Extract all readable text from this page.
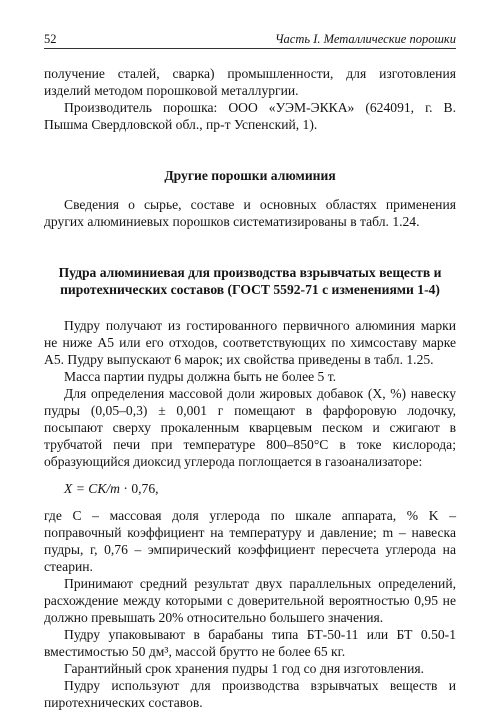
52	Часть I. Металлические порошки

получение сталей, сварка) промышленности, для изготовления изделий методом порошковой металлургии.

Производитель порошка: ООО «УЭМ-ЭККА» (624091, г. В. Пышма Свердловской обл., пр-т Успенский, 1).

Другие порошки алюминия

Сведения о сырье, составе и основных областях применения других алюминиевых порошков систематизированы в табл. 1.24.

Пудра алюминиевая для производства взрывчатых веществ и
пиротехнических составов (ГОСТ 5592-71 с изменениями 1-4)

Пудру получают из гостированного первичного алюминия марки не ниже А5 или его отходов, соответствующих по химсоставу марке А5. Пудру выпускают 6 марок; их свойства приведены в табл. 1.25.

Масса партии пудры должна быть не более 5 т.

Для определения массовой доли жировых добавок (X, %) навеску пудры (0,05–0,3) ± 0,001 г помещают в фарфоровую лодочку, посыпают сверху прокаленным кварцевым песком и сжигают в трубчатой печи при температуре 800–850°С в токе кислорода; образующийся диоксид углерода поглощается в газоанализаторе:

X = CK/m · 0,76,

где C – массовая доля углерода по шкале аппарата, % K – поправочный коэффициент на температуру и давление; m – навеска пудры, г, 0,76 – эмпирический коэффициент пересчета углерода на стеарин.

Принимают средний результат двух параллельных определений, расхождение между которыми с доверительной вероятностью 0,95 не должно превышать 20% относительно большего значения.

Пудру упаковывают в барабаны типа БТ-50-11 или БТ 0.50-1 вместимостью 50 дм³, массой брутто не более 65 кг.

Гарантийный срок хранения пудры 1 год со дня изготовления.

Пудру используют для производства взрывчатых веществ и пиротехнических составов.
